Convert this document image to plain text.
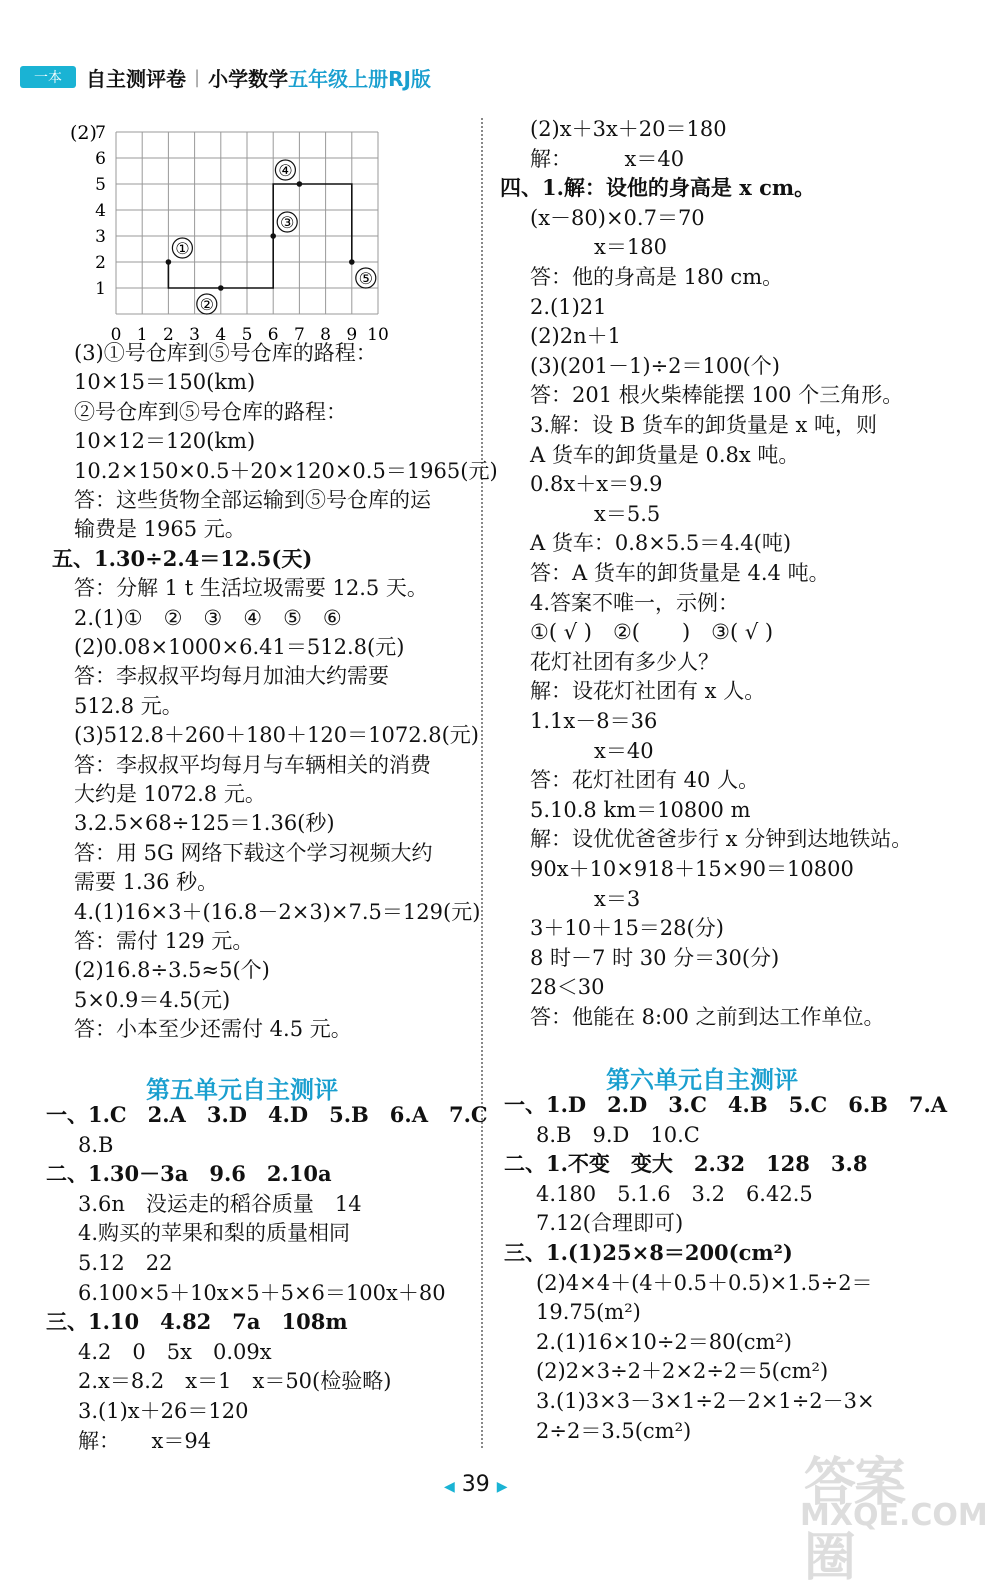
一本	自主测评卷 | 小学数学 五年级上册RJ版
(2)
0 1 2 3 4 5 6 7 8 9 10
1
2
3
4
5
6
7
①
②
③
④
⑤
(3)①号仓库到⑤号仓库的路程：
10×15＝150(km)
②号仓库到⑤号仓库的路程：
10×12＝120(km)
10.2×150×0.5＋20×120×0.5＝1965(元)
答：这些货物全部运输到⑤号仓库的运
输费是 1965 元。
五、1.30÷2.4＝12.5(天)
答：分解 1 t 生活垃圾需要 12.5 天。
2.(1)①　②　③　④　⑤　⑥
(2)0.08×1000×6.41＝512.8(元)
答：李叔叔平均每月加油大约需要
512.8 元。
(3)512.8＋260＋180＋120＝1072.8(元)
答：李叔叔平均每月与车辆相关的消费
大约是 1072.8 元。
3.2.5×68÷125＝1.36(秒)
答：用 5G 网络下载这个学习视频大约
需要 1.36 秒。
4.(1)16×3＋(16.8－2×3)×7.5＝129(元)
答：需付 129 元。
(2)16.8÷3.5≈5(个)
5×0.9＝4.5(元)
答：小本至少还需付 4.5 元。
第五单元自主测评
一、1.C　2.A　3.D　4.D　5.B　6.A　7.C
8.B
二、1.30－3a　9.6　2.10a
3.6n　没运走的稻谷质量　14
4.购买的苹果和梨的质量相同
5.12　22
6.100×5＋10x×5＋5×6＝100x＋80
三、1.10　4.82　7a　108m
4.2　0　5x　0.09x
2.x＝8.2　x＝1　x＝50(检验略)
3.(1)x＋26＝120
解：　　x＝94
(2)x＋3x＋20＝180
解：　　　x＝40
四、1.解：设他的身高是 x cm。
(x－80)×0.7＝70
x＝180
答：他的身高是 180 cm。
2.(1)21
(2)2n＋1
(3)(201－1)÷2＝100(个)
答：201 根火柴棒能摆 100 个三角形。
3.解：设 B 货车的卸货量是 x 吨，则
A 货车的卸货量是 0.8x 吨。
0.8x＋x＝9.9
x＝5.5
A 货车：0.8×5.5＝4.4(吨)
答：A 货车的卸货量是 4.4 吨。
4.答案不唯一，示例：
①( √ )　②(　　)　③( √ )
花灯社团有多少人？
解：设花灯社团有 x 人。
1.1x－8＝36
x＝40
答：花灯社团有 40 人。
5.10.8 km＝10800 m
解：设优优爸爸步行 x 分钟到达地铁站。
90x＋10×918＋15×90＝10800
x＝3
3＋10＋15＝28(分)
8 时－7 时 30 分＝30(分)
28＜30
答：他能在 8:00 之前到达工作单位。
第六单元自主测评
一、1.D　2.D　3.C　4.B　5.C　6.B　7.A
8.B　9.D　10.C
二、1.不变　变大　2.32　128　3.8
4.180　5.1.6　3.2　6.42.5
7.12(合理即可)
三、1.(1)25×8＝200(cm²)
(2)4×4＋(4＋0.5＋0.5)×1.5÷2＝
19.75(m²)
2.(1)16×10÷2＝80(cm²)
(2)2×3÷2＋2×2÷2＝5(cm²)
3.(1)3×3－3×1÷2－2×1÷2－3×
2÷2＝3.5(cm²)
◀ 39 ▶	答案圈
MXQE.COM
